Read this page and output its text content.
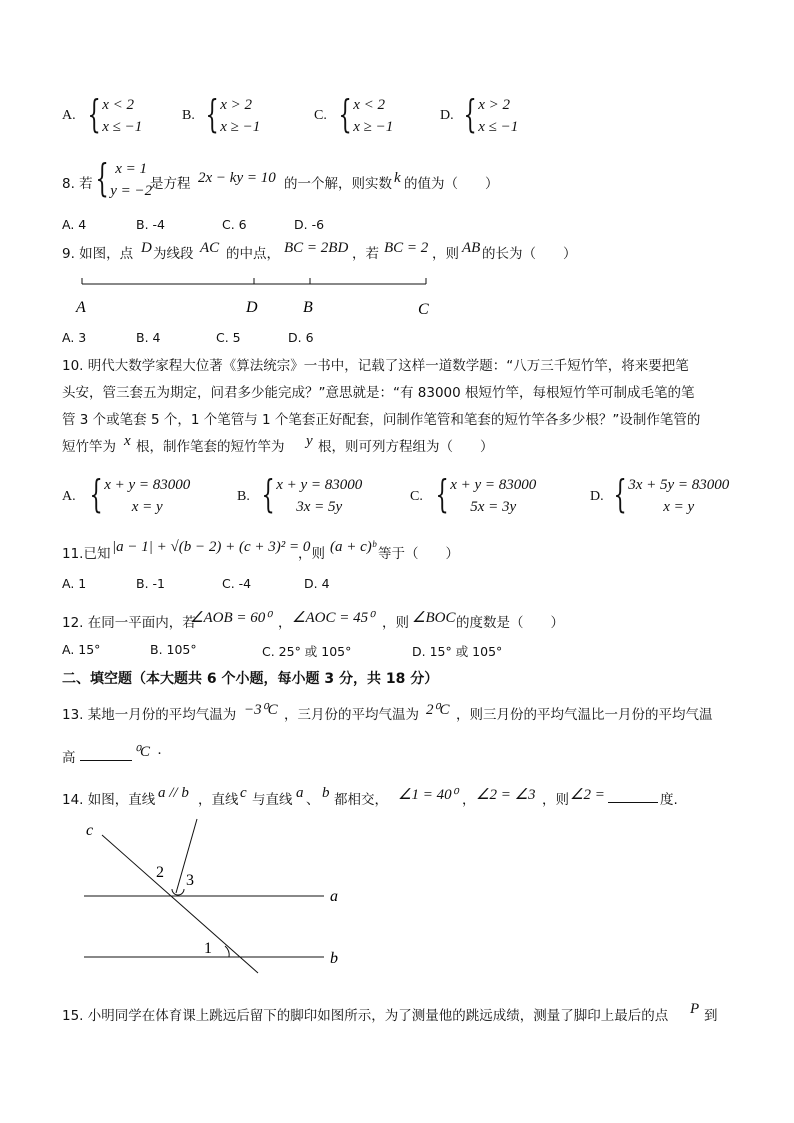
A. { x < 2
x ≤ −1
B. { x > 2
x ≥ −1
C. { x < 2
x ≥ −1
D. { x > 2
x ≤ −1
8. 若 { x = 1
y = −2
是方程 2x − ky = 10 的一个解，则实数 k 的值为（　　）
A. 4	B. -4	C. 6	D. -6
9. 如图，点 D 为线段 AC 的中点， BC = 2BD ，若 BC = 2 ，则 AB 的长为（　　）
A	D	B	C
A. 3	B. 4	C. 5	D. 6
10. 明代大数学家程大位著《算法统宗》一书中，记载了这样一道数学题：“八万三千短竹竿，将来要把笔
头安，管三套五为期定，问君多少能完成？”意思就是：“有 83000 根短竹竿，每根短竹竿可制成毛笔的笔
管 3 个或笔套 5 个，1 个笔管与 1 个笔套正好配套，问制作笔管和笔套的短竹竿各多少根？”设制作笔管的
短竹竿为 x 根，制作笔套的短竹竿为 y 根，则可列方程组为（　　）
A. { x + y = 83000
x = y
B. { x + y = 83000
3x = 5y
C. { x + y = 83000
5x = 3y
D. { 3x + 5y = 83000
x = y
11.已知 |a − 1| + √(b − 2) + (c + 3)² = 0
，则 (a + c)ᵇ 等于（　　）
A. 1	B. -1	C. -4	D. 4
12. 在同一平面内，若
∠AOB = 60⁰ ， ∠AOC = 45⁰ ，则 ∠BOC 的度数是（　　）
A. 15°	B. 105°	C. 25° 或 105°	D. 15° 或 105°
二、填空题（本大题共 6 个小题，每小题 3 分，共 18 分）
13. 某地一月份的平均气温为 −3⁰C ，三月份的平均气温为 2⁰C ，则三月份的平均气温比一月份的平均气温
高	⁰C .
14. 如图，直线 a // b ，直线 c 与直线 a 、 b 都相交， ∠1 = 40⁰ ， ∠2 = ∠3 ，则 ∠2 =	度.
c
a
b
1
2 3
15. 小明同学在体育课上跳远后留下的脚印如图所示，为了测量他的跳远成绩，测量了脚印上最后的点 P 到
